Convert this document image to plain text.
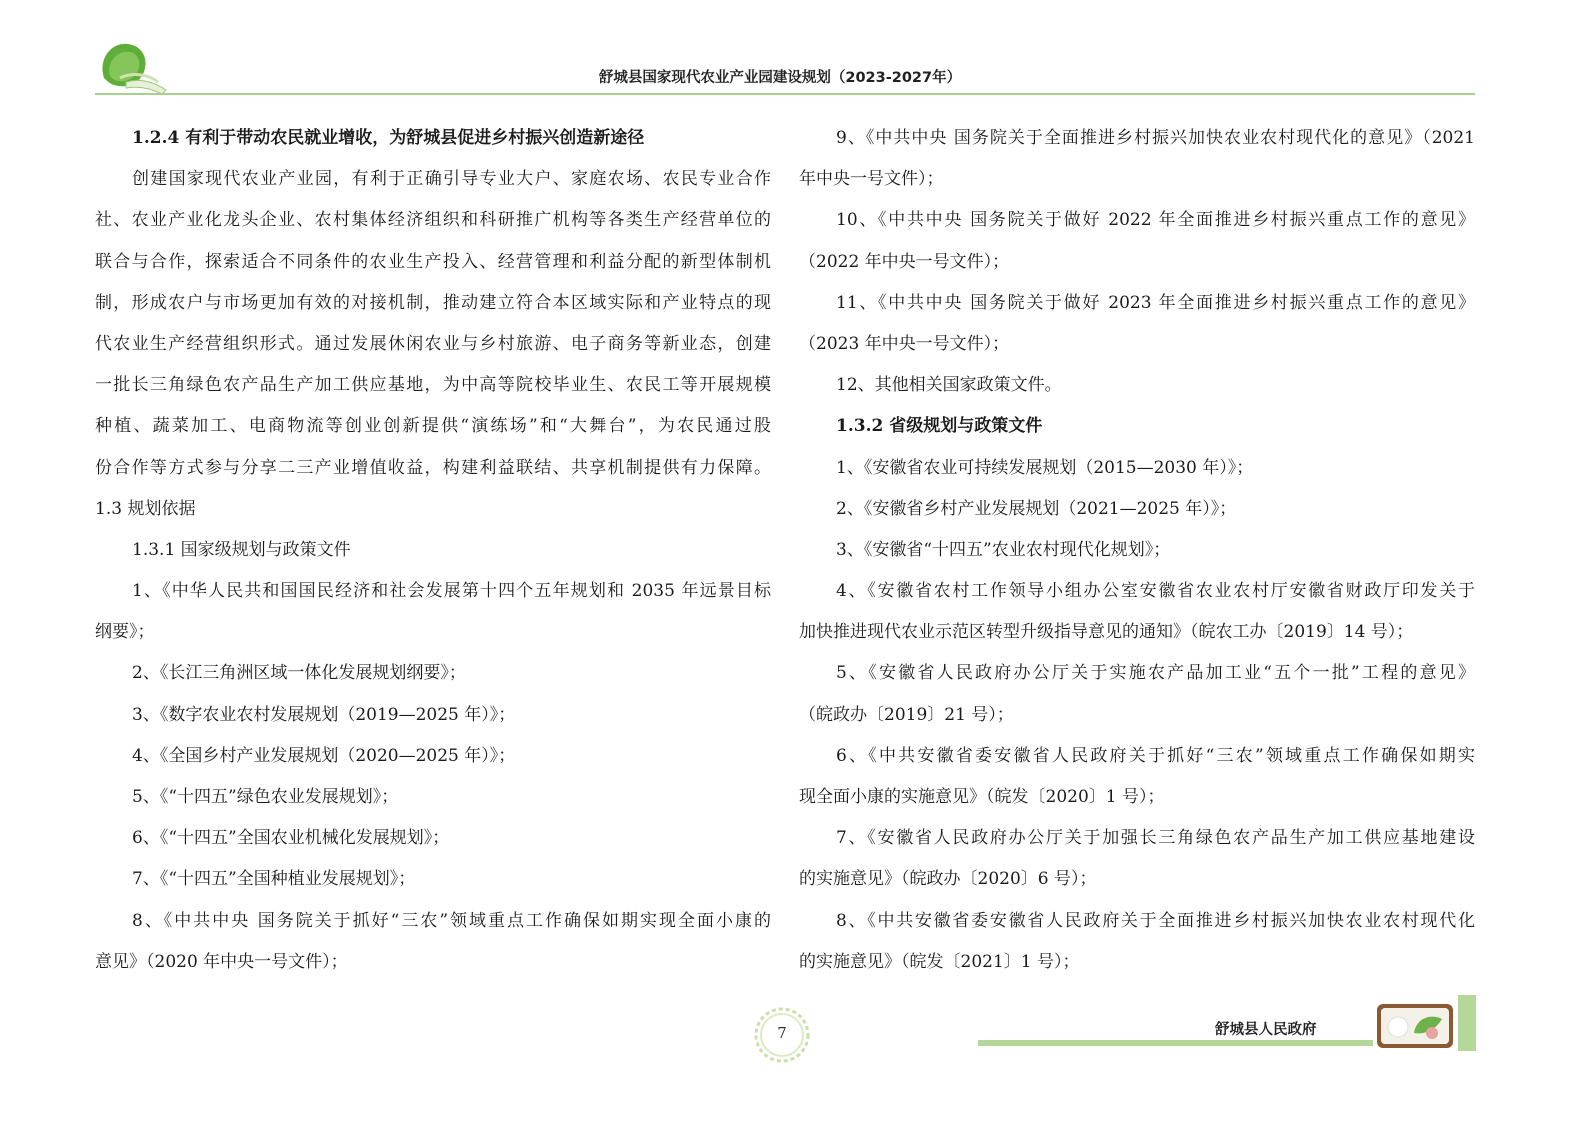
舒城县国家现代农业产业园建设规划（2023-2027年）
1.2.4 有利于带动农民就业增收，为舒城县促进乡村振兴创造新途径
创建国家现代农业产业园，有利于正确引导专业大户、家庭农场、农民专业合作
社、农业产业化龙头企业、农村集体经济组织和科研推广机构等各类生产经营单位的
联合与合作，探索适合不同条件的农业生产投入、经营管理和利益分配的新型体制机
制，形成农户与市场更加有效的对接机制，推动建立符合本区域实际和产业特点的现
代农业生产经营组织形式。通过发展休闲农业与乡村旅游、电子商务等新业态，创建
一批长三角绿色农产品生产加工供应基地，为中高等院校毕业生、农民工等开展规模
种植、蔬菜加工、电商物流等创业创新提供“演练场”和“大舞台”，为农民通过股
份合作等方式参与分享二三产业增值收益，构建利益联结、共享机制提供有力保障。
1.3 规划依据
1.3.1 国家级规划与政策文件
1、《中华人民共和国国民经济和社会发展第十四个五年规划和 2035 年远景目标
纲要》；
2、《长江三角洲区域一体化发展规划纲要》；
3、《数字农业农村发展规划（2019—2025 年）》；
4、《全国乡村产业发展规划（2020—2025 年）》；
5、《“十四五”绿色农业发展规划》；
6、《“十四五”全国农业机械化发展规划》；
7、《“十四五”全国种植业发展规划》；
8、《中共中央 国务院关于抓好“三农”领域重点工作确保如期实现全面小康的
意见》（2020 年中央一号文件）；
9、《中共中央 国务院关于全面推进乡村振兴加快农业农村现代化的意见》（2021
年中央一号文件）；
10、《中共中央 国务院关于做好 2022 年全面推进乡村振兴重点工作的意见》
（2022 年中央一号文件）；
11、《中共中央 国务院关于做好 2023 年全面推进乡村振兴重点工作的意见》
（2023 年中央一号文件）；
12、其他相关国家政策文件。
1.3.2 省级规划与政策文件
1、《安徽省农业可持续发展规划（2015—2030 年）》；
2、《安徽省乡村产业发展规划（2021—2025 年）》；
3、《安徽省“十四五”农业农村现代化规划》；
4、《安徽省农村工作领导小组办公室安徽省农业农村厅安徽省财政厅印发关于
加快推进现代农业示范区转型升级指导意见的通知》（皖农工办〔2019〕14 号）；
5、《安徽省人民政府办公厅关于实施农产品加工业“五个一批”工程的意见》
（皖政办〔2019〕21 号）；
6、《中共安徽省委安徽省人民政府关于抓好“三农”领域重点工作确保如期实
现全面小康的实施意见》（皖发〔2020〕1 号）；
7、《安徽省人民政府办公厅关于加强长三角绿色农产品生产加工供应基地建设
的实施意见》（皖政办〔2020〕6 号）；
8、《中共安徽省委安徽省人民政府关于全面推进乡村振兴加快农业农村现代化
的实施意见》（皖发〔2021〕1 号）；
7	舒城县人民政府
